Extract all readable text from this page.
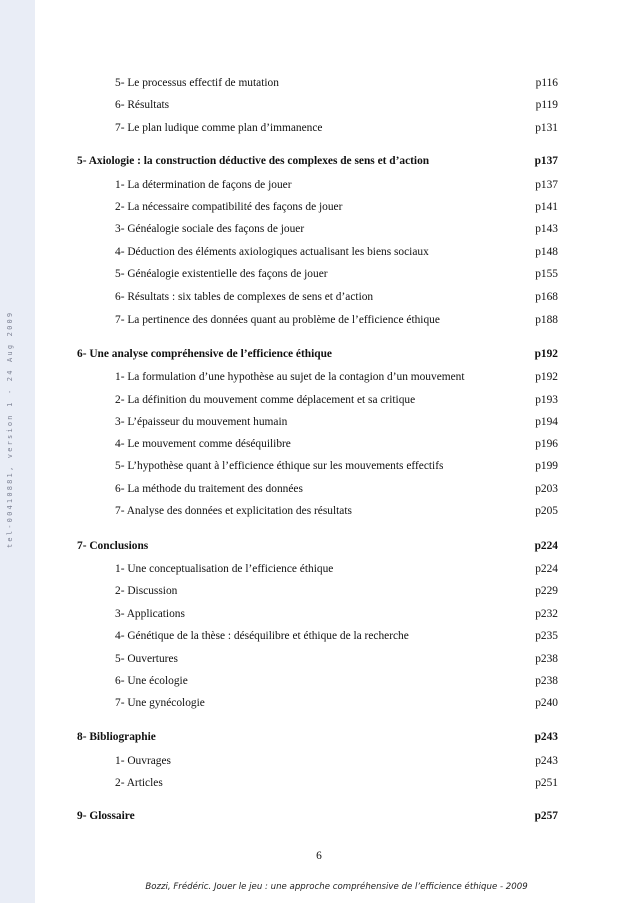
tel-00410881, version 1 - 24 Aug 2009
5- Le processus effectif de mutation	p116
6- Résultats	p119
7- Le plan ludique comme plan d’immanence	p131
5- Axiologie : la construction déductive des complexes de sens et d’action	p137
1- La détermination de façons de jouer	p137
2- La nécessaire compatibilité des façons de jouer	p141
3- Généalogie sociale des façons de jouer	p143
4- Déduction des éléments axiologiques actualisant les biens sociaux	p148
5- Généalogie existentielle des façons de jouer	p155
6- Résultats : six tables de complexes de sens et d’action	p168
7- La pertinence des données quant au problème de l’efficience éthique	p188
6- Une analyse compréhensive de l’efficience éthique	p192
1- La formulation d’une hypothèse au sujet de la contagion d’un mouvement	p192
2- La définition du mouvement comme déplacement et sa critique	p193
3- L’épaisseur du mouvement humain	p194
4- Le mouvement comme déséquilibre	p196
5- L’hypothèse quant à l’efficience éthique sur les mouvements effectifs	p199
6- La méthode du traitement des données	p203
7- Analyse des données et explicitation des résultats	p205
7- Conclusions	p224
1- Une conceptualisation de l’efficience éthique	p224
2- Discussion	p229
3- Applications	p232
4- Génétique de la thèse : déséquilibre et éthique de la recherche	p235
5- Ouvertures	p238
6- Une écologie	p238
7- Une gynécologie	p240
8- Bibliographie	p243
1- Ouvrages	p243
2- Articles	p251
9- Glossaire	p257
6
Bozzi, Frédéric. Jouer le jeu : une approche compréhensive de l’efficience éthique - 2009
